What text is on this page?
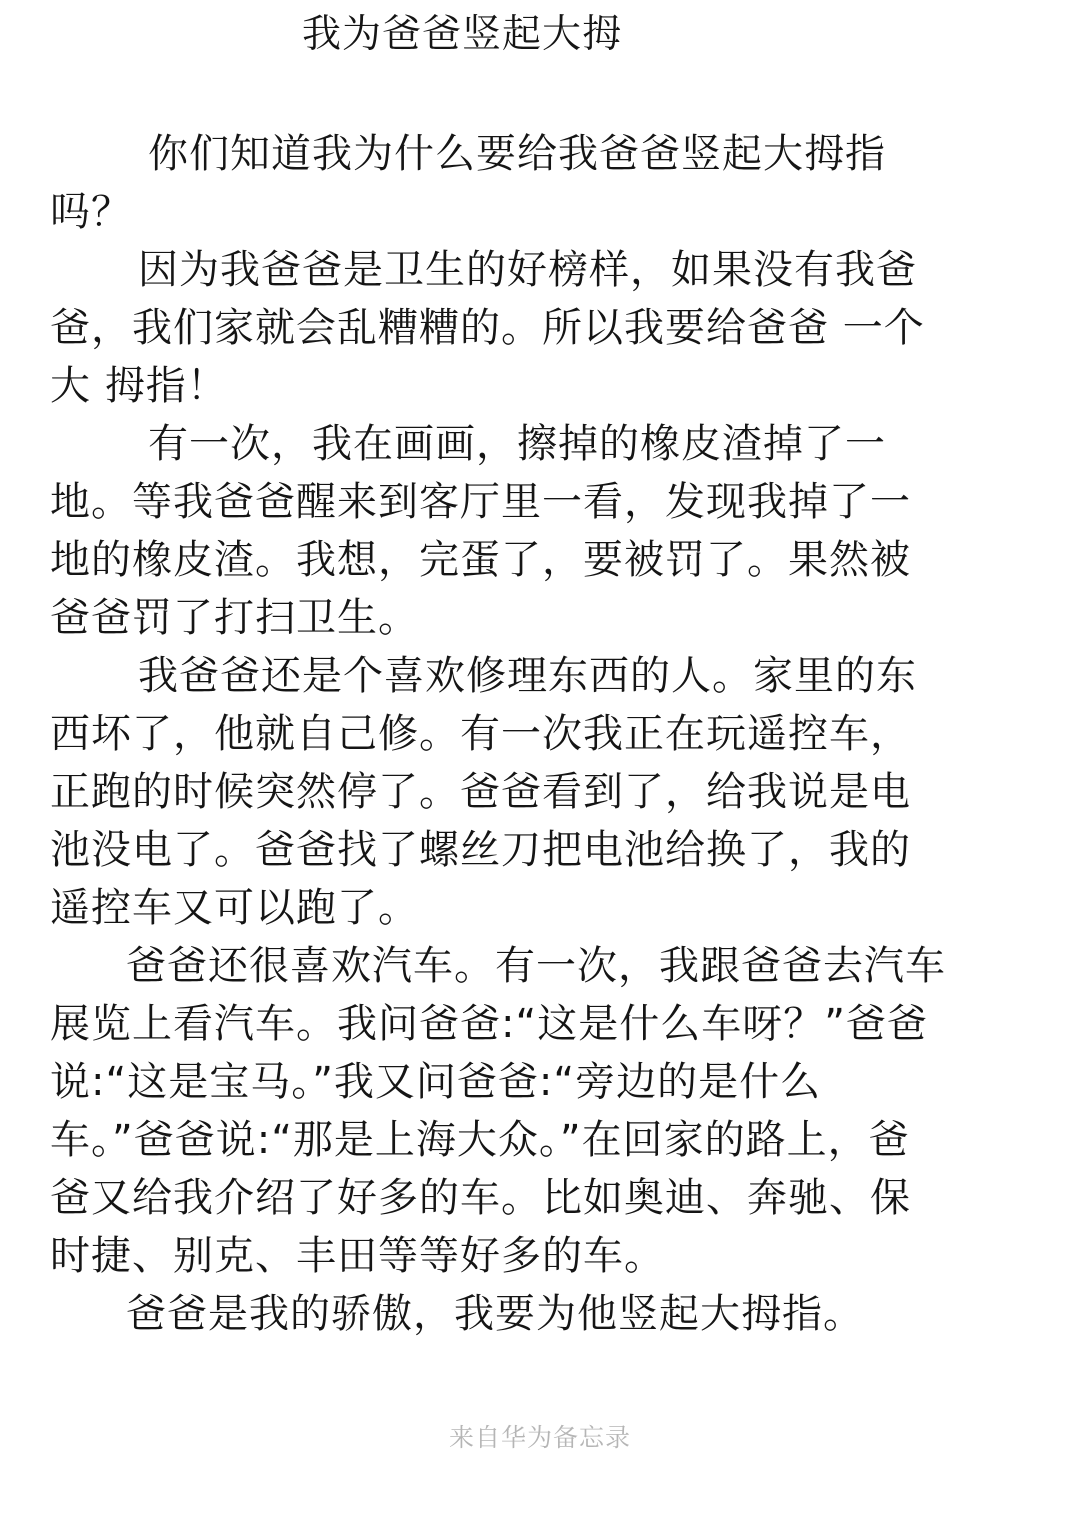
我为爸爸竖起大拇
你们知道我为什么要给我爸爸竖起大拇指
吗？
因为我爸爸是卫生的好榜样，如果没有我爸
爸，我们家就会乱糟糟的。所以我要给爸爸 一个
大 拇指！
有一次，我在画画，擦掉的橡皮渣掉了一
地。等我爸爸醒来到客厅里一看，发现我掉了一
地的橡皮渣。我想，完蛋了，要被罚了。果然被
爸爸罚了打扫卫生。
我爸爸还是个喜欢修理东西的人。家里的东
西坏了，他就自己修。有一次我正在玩遥控车，
正跑的时候突然停了。爸爸看到了，给我说是电
池没电了。爸爸找了螺丝刀把电池给换了，我的
遥控车又可以跑了。
爸爸还很喜欢汽车。有一次，我跟爸爸去汽车
展览上看汽车。我问爸爸:“这是什么车呀？”爸爸
说:“这是宝马。”我又问爸爸:“旁边的是什么
车。”爸爸说:“那是上海大众。”在回家的路上，爸
爸又给我介绍了好多的车。比如奥迪、奔驰、保
时捷、别克、丰田等等好多的车。
爸爸是我的骄傲，我要为他竖起大拇指。
来自华为备忘录
